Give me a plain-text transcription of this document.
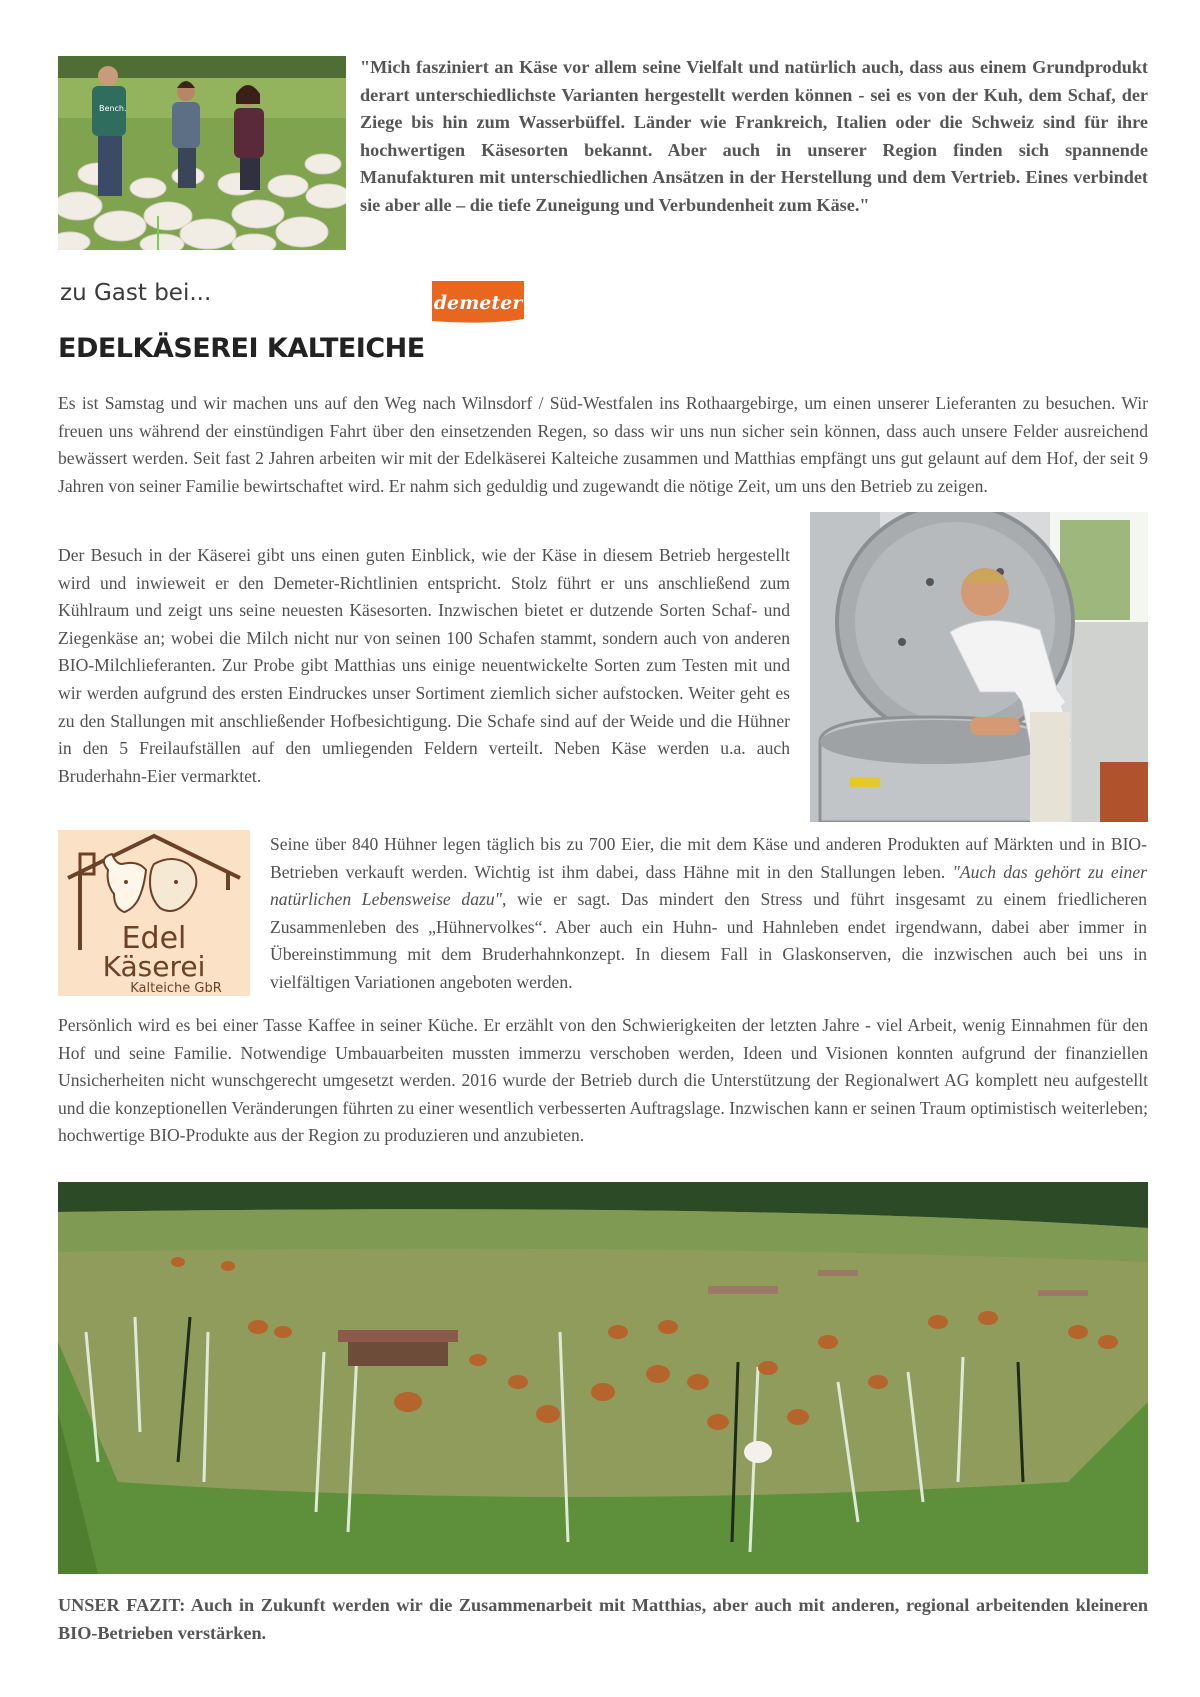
Bench.

"Mich fasziniert an Käse vor allem seine Vielfalt und natürlich auch, dass aus einem Grundprodukt derart unterschiedlichste Varianten hergestellt werden können - sei es von der Kuh, dem Schaf, der Ziege bis hin zum Wasserbüffel. Länder wie Frankreich, Italien oder die Schweiz sind für ihre hochwertigen Käsesorten bekannt. Aber auch in unserer Region finden sich spannende Manufakturen mit unterschiedlichen Ansätzen in der Herstellung und dem Vertrieb. Eines verbindet sie aber alle – die tiefe Zuneigung und Verbundenheit zum Käse."

zu Gast bei...	demeter
EDELKÄSEREI KALTEICHE

Es ist Samstag und wir machen uns auf den Weg nach Wilnsdorf / Süd-Westfalen ins Rothaargebirge, um einen unserer Lieferanten zu besuchen. Wir freuen uns während der einstündigen Fahrt über den einsetzenden Regen, so dass wir uns nun sicher sein können, dass auch unsere Felder ausreichend bewässert werden. Seit fast 2 Jahren arbeiten wir mit der Edelkäserei Kalteiche zusammen und Matthias empfängt uns gut gelaunt auf dem Hof, der seit 9 Jahren von seiner Familie bewirtschaftet wird. Er nahm sich geduldig und zugewandt die nötige Zeit, um uns den Betrieb zu zeigen.

Der Besuch in der Käserei gibt uns einen guten Einblick, wie der Käse in diesem Betrieb hergestellt wird und inwieweit er den Demeter-Richtlinien entspricht. Stolz führt er uns anschließend zum Kühlraum und zeigt uns seine neuesten Käsesorten. Inzwischen bietet er dutzende Sorten Schaf- und Ziegenkäse an; wobei die Milch nicht nur von seinen 100 Schafen stammt, sondern auch von anderen BIO-Milchlieferanten. Zur Probe gibt Matthias uns einige neuentwickelte Sorten zum Testen mit und wir werden aufgrund des ersten Eindruckes unser Sortiment ziemlich sicher aufstocken. Weiter geht es zu den Stallungen mit anschließender Hofbesichtigung. Die Schafe sind auf der Weide und die Hühner in den 5 Freilaufställen auf den umliegenden Feldern verteilt. Neben Käse werden u.a. auch Bruderhahn-Eier vermarktet.

Edel
Käserei
Kalteiche GbR

Seine über 840 Hühner legen täglich bis zu 700 Eier, die mit dem Käse und anderen Produkten auf Märkten und in BIO-Betrieben verkauft werden. Wichtig ist ihm dabei, dass Hähne mit in den Stallungen leben. "Auch das gehört zu einer natürlichen Lebensweise dazu", wie er sagt. Das mindert den Stress und führt insgesamt zu einem friedlicheren Zusammenleben des „Hühnervolkes“. Aber auch ein Huhn- und Hahnleben endet irgendwann, dabei aber immer in Übereinstimmung mit dem Bruderhahnkonzept. In diesem Fall in Glaskonserven, die inzwischen auch bei uns in vielfältigen Variationen angeboten werden.

Persönlich wird es bei einer Tasse Kaffee in seiner Küche. Er erzählt von den Schwierigkeiten der letzten Jahre - viel Arbeit, wenig Einnahmen für den Hof und seine Familie. Notwendige Umbauarbeiten mussten immerzu verschoben werden, Ideen und Visionen konnten aufgrund der finanziellen Unsicherheiten nicht wunschgerecht umgesetzt werden. 2016 wurde der Betrieb durch die Unterstützung der Regionalwert AG komplett neu aufgestellt und die konzeptionellen Veränderungen führten zu einer wesentlich verbesserten Auftragslage. Inzwischen kann er seinen Traum optimistisch weiterleben; hochwertige BIO-Produkte aus der Region zu produzieren und anzubieten.

UNSER FAZIT: Auch in Zukunft werden wir die Zusammenarbeit mit Matthias, aber auch mit anderen, regional arbeitenden kleineren BIO-Betrieben verstärken.
